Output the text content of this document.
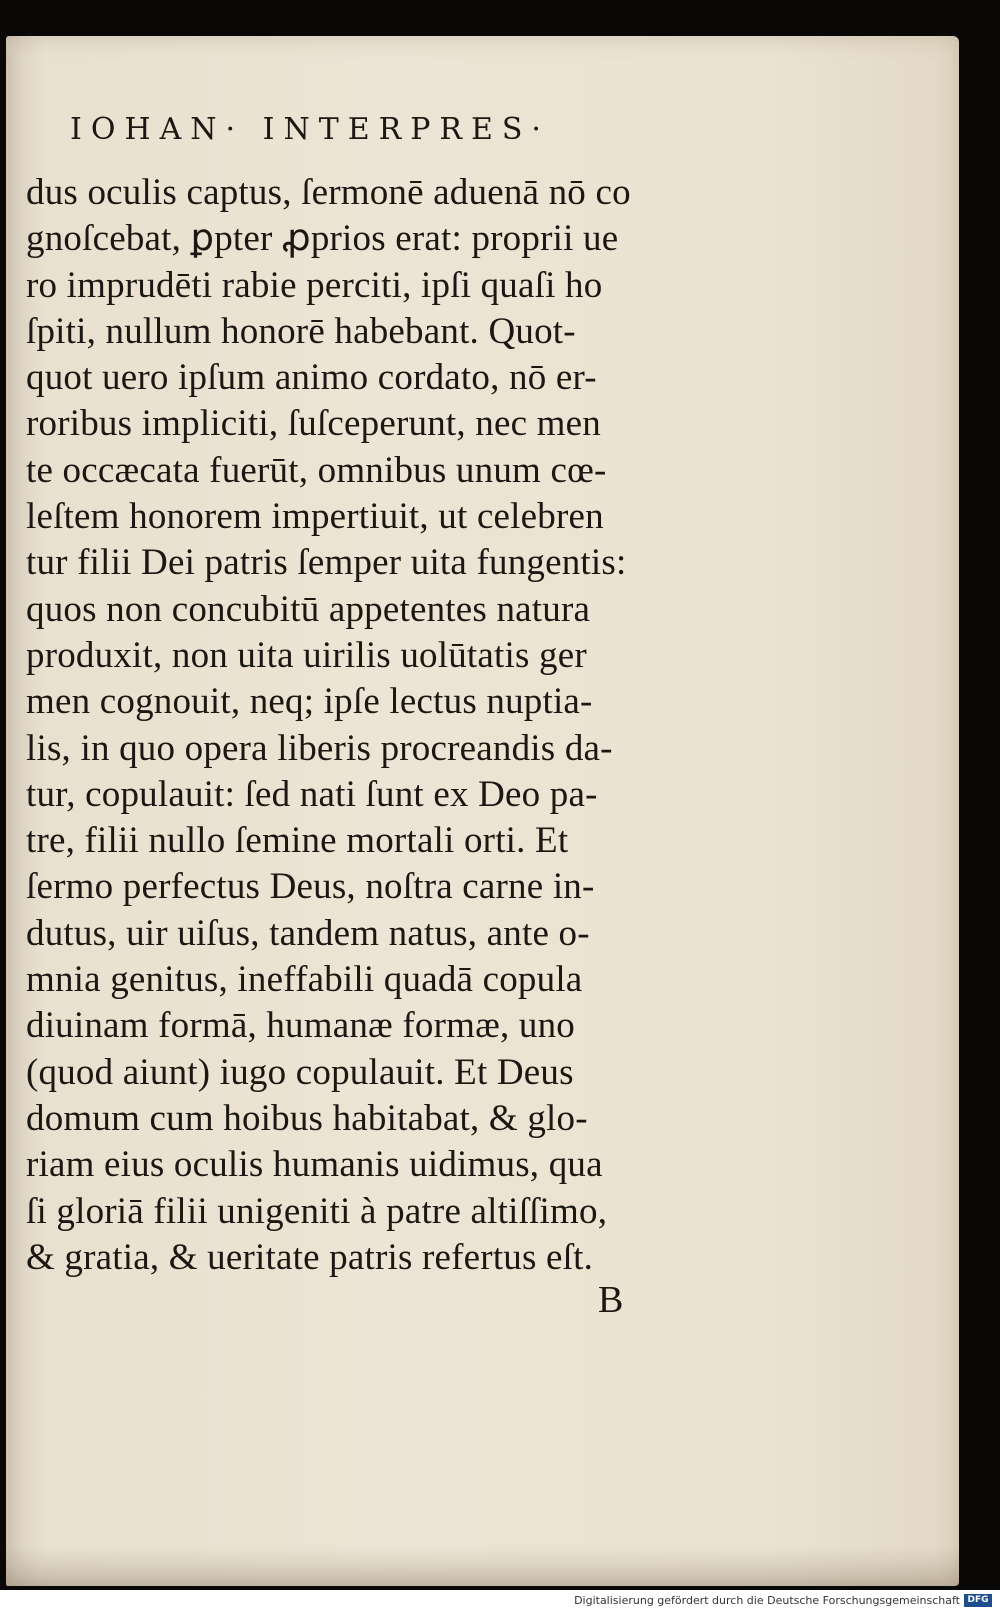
IOHAN· INTERPRES·
dus oculis captus, ſermonē aduenā nō co
gnoſcebat, ꝑpter ꝓprios erat: proprii ue
ro imprudēti rabie perciti, ipſi quaſi ho
ſpiti, nullum honorē habebant. Quot-
quot uero ipſum animo cordato, nō er-
roribus impliciti, ſuſceperunt, nec men
te occæcata fuerūt, omnibus unum cœ-
leſtem honorem impertiuit, ut celebren
tur filii Dei patris ſemper uita fungentis:
quos non concubitū appetentes natura
produxit, non uita uirilis uolūtatis ger
men cognouit, neq; ipſe lectus nuptia-
lis, in quo opera liberis procreandis da-
tur, copulauit: ſed nati ſunt ex Deo pa-
tre, filii nullo ſemine mortali orti. Et
ſermo perfectus Deus, noſtra carne in-
dutus, uir uiſus, tandem natus, ante o-
mnia genitus, ineffabili quadā copula
diuinam formā, humanæ formæ, uno
(quod aiunt) iugo copulauit. Et Deus
domum cum hoibus habitabat, & glo-
riam eius oculis humanis uidimus, qua
ſi gloriā filii unigeniti à patre altiſſimo,
& gratia, & ueritate patris refertus eſt.
B
Digitalisierung gefördert durch die Deutsche Forschungsgemeinschaft DFG
